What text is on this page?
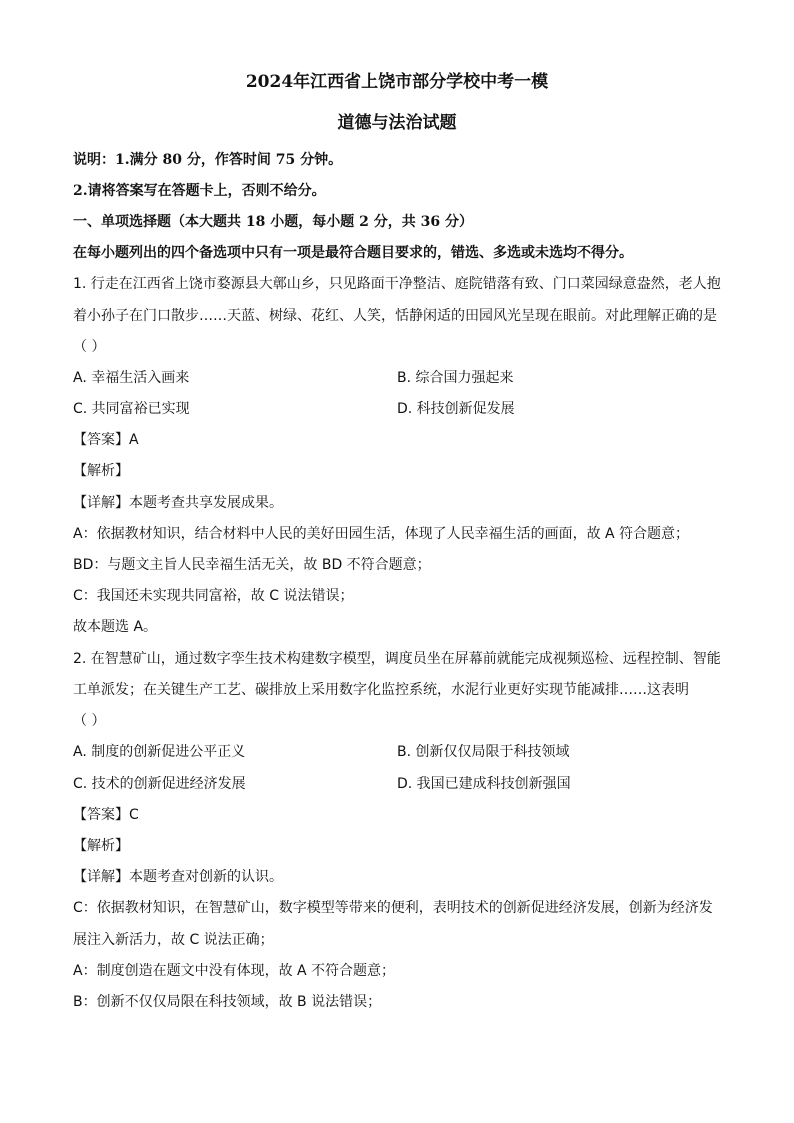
2024年江西省上饶市部分学校中考一模
道德与法治试题
说明：1.满分 80 分，作答时间 75 分钟。
2.请将答案写在答题卡上，否则不给分。
一、单项选择题（本大题共 18 小题，每小题 2 分，共 36 分）
在每小题列出的四个备选项中只有一项是最符合题目要求的，错选、多选或未选均不得分。
1. 行走在江西省上饶市婺源县大鄣山乡，只见路面干净整洁、庭院错落有致、门口菜园绿意盎然，老人抱
着小孙子在门口散步……天蓝、树绿、花红、人笑，恬静闲适的田园风光呈现在眼前。对此理解正确的是
（ ）
A. 幸福生活入画来	B. 综合国力强起来
C. 共同富裕已实现	D. 科技创新促发展
【答案】A
【解析】
【详解】本题考查共享发展成果。
A：依据教材知识，结合材料中人民的美好田园生活，体现了人民幸福生活的画面，故 A 符合题意；
BD：与题文主旨人民幸福生活无关，故 BD 不符合题意；
C：我国还未实现共同富裕，故 C 说法错误；
故本题选 A。
2. 在智慧矿山，通过数字孪生技术构建数字模型，调度员坐在屏幕前就能完成视频巡检、远程控制、智能
工单派发；在关键生产工艺、碳排放上采用数字化监控系统，水泥行业更好实现节能减排……这表明
（ ）
A. 制度的创新促进公平正义	B. 创新仅仅局限于科技领域
C. 技术的创新促进经济发展	D. 我国已建成科技创新强国
【答案】C
【解析】
【详解】本题考查对创新的认识。
C：依据教材知识，在智慧矿山，数字模型等带来的便利，表明技术的创新促进经济发展，创新为经济发
展注入新活力，故 C 说法正确；
A：制度创造在题文中没有体现，故 A 不符合题意；
B：创新不仅仅局限在科技领域，故 B 说法错误；
